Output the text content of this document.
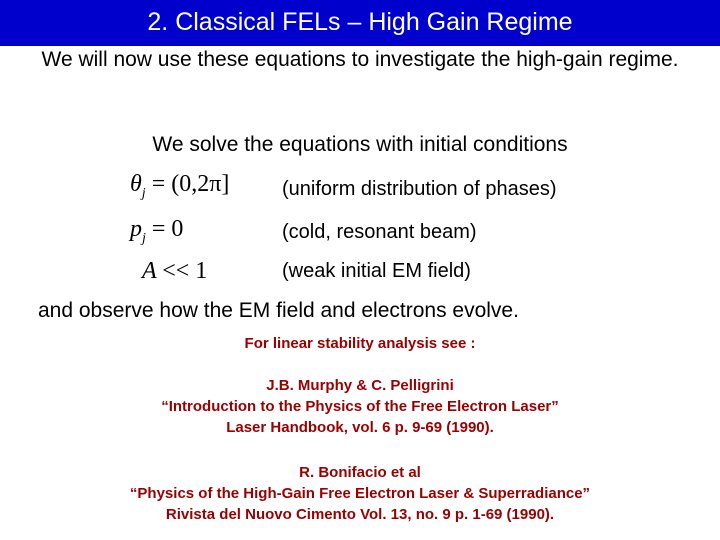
2. Classical FELs – High Gain Regime
We will now use these equations to investigate the high-gain regime.
We solve the equations with initial conditions
$\theta_j = (0,2\pi]$	(uniform distribution of phases)
$p_j = 0$	(cold, resonant beam)
A << 1	(weak initial EM field)
and observe how the EM field and electrons evolve.
For linear stability analysis see :
J.B. Murphy & C. Pelligrini
“Introduction to the Physics of the Free Electron Laser”
Laser Handbook, vol. 6 p. 9-69 (1990).
R. Bonifacio et al
“Physics of the High-Gain Free Electron Laser & Superradiance”
Rivista del Nuovo Cimento Vol. 13, no. 9 p. 1-69 (1990).
